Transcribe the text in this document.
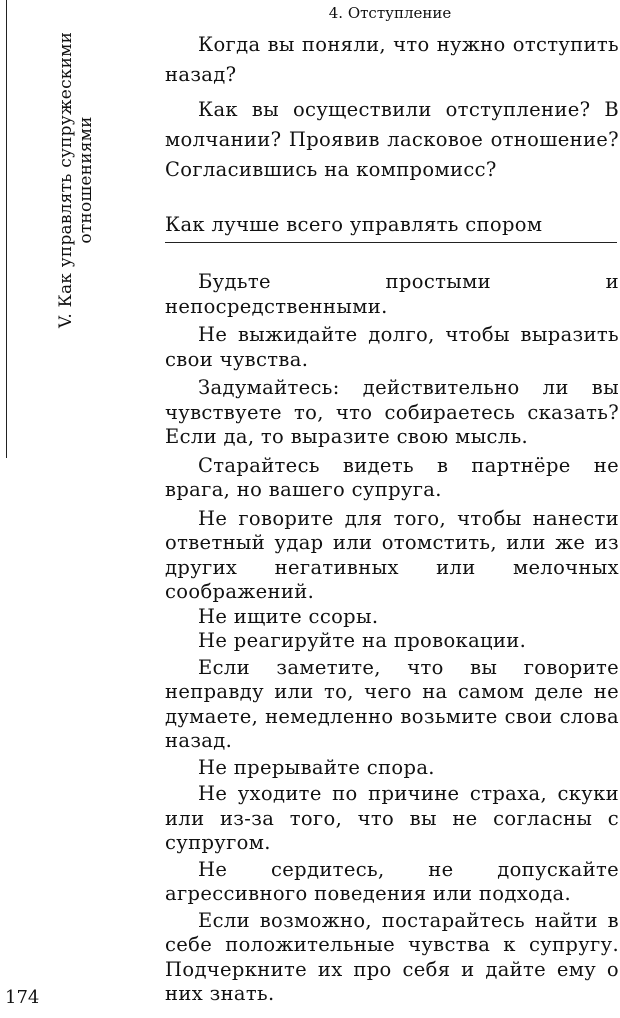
V. Как управлять супружескими отношениями
4. Отступление

Когда вы поняли, что нужно отступить назад?

Как вы осуществили отступление? В молчании? Проявив ласковое отношение? Согласившись на компромисс?

Как лучше всего управлять спором

Будьте простыми и непосредственными.

Не выжидайте долго, чтобы выразить свои чувства.

Задумайтесь: действительно ли вы чувствуете то, что собираетесь сказать? Если да, то выразите свою мысль.

Старайтесь видеть в партнёре не врага, но вашего супруга.

Не говорите для того, чтобы нанести ответный удар или отомстить, или же из других негативных или мелочных соображений.

Не ищите ссоры.

Не реагируйте на провокации.

Если заметите, что вы говорите неправду или то, чего на самом деле не думаете, немедленно возьмите свои слова назад.

Не прерывайте спора.

Не уходите по причине страха, скуки или из-за того, что вы не согласны с супругом.

Не сердитесь, не допускайте агрессивного поведения или подхода.

Если возможно, постарайтесь найти в себе положительные чувства к супругу. Подчеркните их про себя и дайте ему о них знать.

174
